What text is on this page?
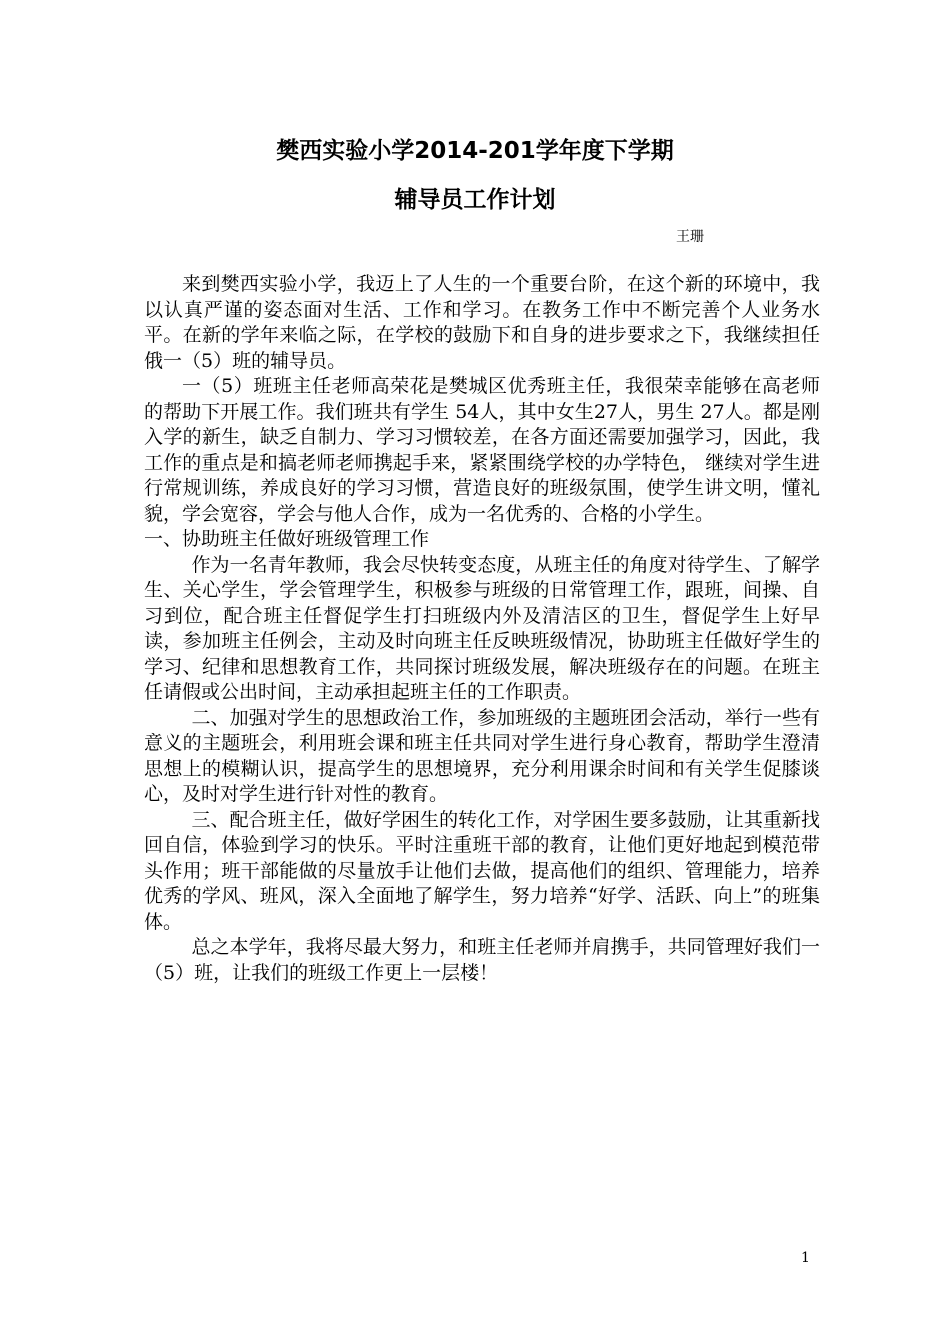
樊西实验小学2014-201学年度下学期
辅导员工作计划
王珊

来到樊西实验小学，我迈上了人生的一个重要台阶，在这个新的环境中，我以认真严谨的姿态面对生活、工作和学习。在教务工作中不断完善个人业务水平。在新的学年来临之际，在学校的鼓励下和自身的进步要求之下，我继续担任俄一（5）班的辅导员。

一（5）班班主任老师高荣花是樊城区优秀班主任，我很荣幸能够在高老师的帮助下开展工作。我们班共有学生 54人，其中女生27人，男生 27人。都是刚入学的新生，缺乏自制力、学习习惯较差，在各方面还需要加强学习，因此，我工作的重点是和搞老师老师携起手来，紧紧围绕学校的办学特色， 继续对学生进行常规训练，养成良好的学习习惯，营造良好的班级氛围，使学生讲文明，懂礼貌，学会宽容，学会与他人合作，成为一名优秀的、合格的小学生。

一、协助班主任做好班级管理工作

作为一名青年教师，我会尽快转变态度，从班主任的角度对待学生、了解学生、关心学生，学会管理学生，积极参与班级的日常管理工作，跟班，间操、自习到位，配合班主任督促学生打扫班级内外及清洁区的卫生，督促学生上好早读，参加班主任例会，主动及时向班主任反映班级情况，协助班主任做好学生的学习、纪律和思想教育工作，共同探讨班级发展，解决班级存在的问题。在班主任请假或公出时间，主动承担起班主任的工作职责。

二、加强对学生的思想政治工作，参加班级的主题班团会活动，举行一些有意义的主题班会，利用班会课和班主任共同对学生进行身心教育，帮助学生澄清思想上的模糊认识，提高学生的思想境界，充分利用课余时间和有关学生促膝谈心，及时对学生进行针对性的教育。

三、配合班主任，做好学困生的转化工作，对学困生要多鼓励，让其重新找回自信，体验到学习的快乐。平时注重班干部的教育，让他们更好地起到模范带头作用；班干部能做的尽量放手让他们去做，提高他们的组织、管理能力，培养优秀的学风、班风，深入全面地了解学生，努力培养“好学、活跃、向上”的班集体。

总之本学年，我将尽最大努力，和班主任老师并肩携手，共同管理好我们一（5）班，让我们的班级工作更上一层楼！

1
